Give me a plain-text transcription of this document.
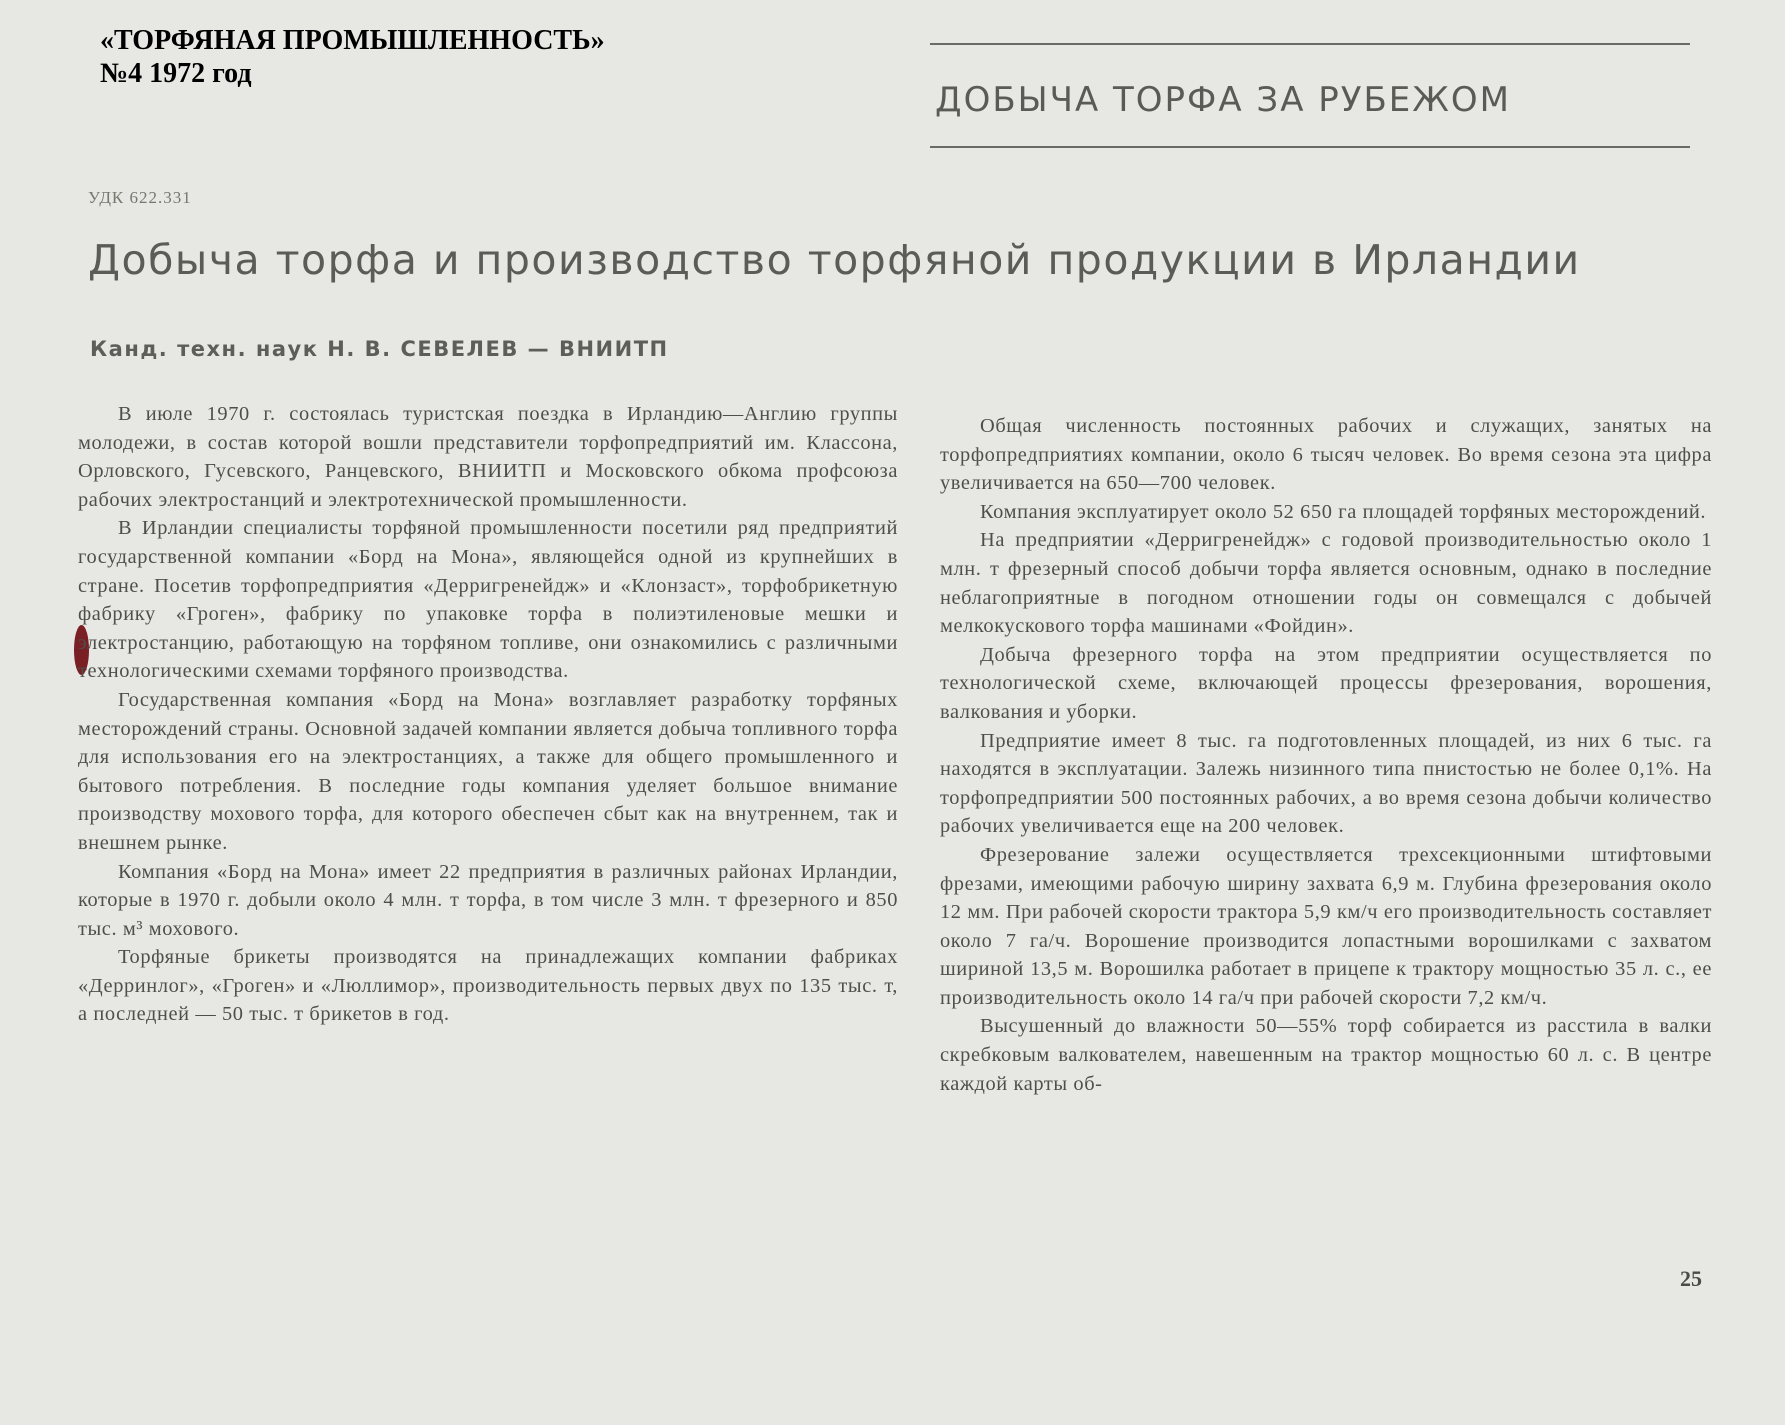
«ТОРФЯНАЯ ПРОМЫШЛЕННОСТЬ»
№4 1972 год
ДОБЫЧА ТОРФА ЗА РУБЕЖОМ
УДК 622.331
Добыча торфа и производство торфяной продукции в Ирландии
Канд. техн. наук Н. В. СЕВЕЛЕВ — ВНИИТП

В июле 1970 г. состоялась туристская поездка в Ирландию—Англию группы молодежи, в состав которой вошли представители торфопредприятий им. Классона, Орловского, Гусевского, Ранцевского, ВНИИТП и Московского обкома профсоюза рабочих электростанций и электротехнической промышленности.

В Ирландии специалисты торфяной промышленности посетили ряд предприятий государственной компании «Борд на Мона», являющейся одной из крупнейших в стране. Посетив торфопредприятия «Дерригренейдж» и «Клонзаст», торфобрикетную фабрику «Гроген», фабрику по упаковке торфа в полиэтиленовые мешки и электростанцию, работающую на торфяном топливе, они ознакомились с различными технологическими схемами торфяного производства.

Государственная компания «Борд на Мона» возглавляет разработку торфяных месторождений страны. Основной задачей компании является добыча топливного торфа для использования его на электростанциях, а также для общего промышленного и бытового потребления. В последние годы компания уделяет большое внимание производству мохового торфа, для которого обеспечен сбыт как на внутреннем, так и внешнем рынке.

Компания «Борд на Мона» имеет 22 предприятия в различных районах Ирландии, которые в 1970 г. добыли около 4 млн. т торфа, в том числе 3 млн. т фрезерного и 850 тыс. м³ мохового.

Торфяные брикеты производятся на принадлежащих компании фабриках «Дерринлог», «Гроген» и «Люллимор», производительность первых двух по 135 тыс. т, а последней — 50 тыс. т брикетов в год.

Общая численность постоянных рабочих и служащих, занятых на торфопредприятиях компании, около 6 тысяч человек. Во время сезона эта цифра увеличивается на 650—700 человек.

Компания эксплуатирует около 52 650 га площадей торфяных месторождений.

На предприятии «Дерригренейдж» с годовой производительностью около 1 млн. т фрезерный способ добычи торфа является основным, однако в последние неблагоприятные в погодном отношении годы он совмещался с добычей мелкокускового торфа машинами «Фойдин».

Добыча фрезерного торфа на этом предприятии осуществляется по технологической схеме, включающей процессы фрезерования, ворошения, валкования и уборки.

Предприятие имеет 8 тыс. га подготовленных площадей, из них 6 тыс. га находятся в эксплуатации. Залежь низинного типа пнистостью не более 0,1%. На торфопредприятии 500 постоянных рабочих, а во время сезона добычи количество рабочих увеличивается еще на 200 человек.

Фрезерование залежи осуществляется трехсекционными штифтовыми фрезами, имеющими рабочую ширину захвата 6,9 м. Глубина фрезерования около 12 мм. При рабочей скорости трактора 5,9 км/ч его производительность составляет около 7 га/ч. Ворошение производится лопастными ворошилками с захватом шириной 13,5 м. Ворошилка работает в прицепе к трактору мощностью 35 л. с., ее производительность около 14 га/ч при рабочей скорости 7,2 км/ч.

Высушенный до влажности 50—55% торф собирается из расстила в валки скребковым валкователем, навешенным на трактор мощностью 60 л. с. В центре каждой карты об-

25
